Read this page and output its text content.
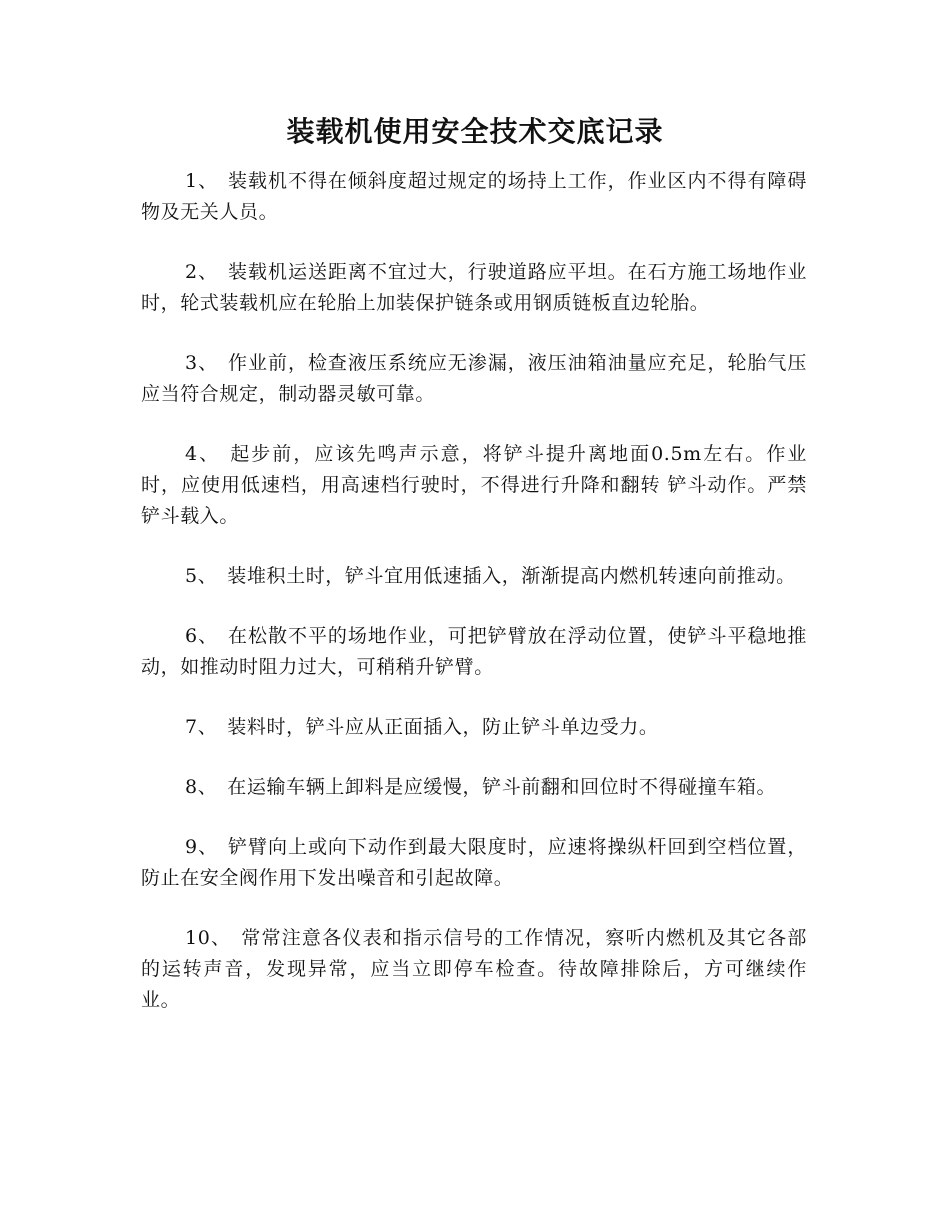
装载机使用安全技术交底记录

1、 装载机不得在倾斜度超过规定的场持上工作，作业区内不得有障碍物及无关人员。

2、 装载机运送距离不宜过大，行驶道路应平坦。在石方施工场地作业时，轮式装载机应在轮胎上加装保护链条或用钢质链板直边轮胎。

3、 作业前，检查液压系统应无渗漏，液压油箱油量应充足，轮胎气压应当符合规定，制动器灵敏可靠。

4、 起步前，应该先鸣声示意，将铲斗提升离地面0.5m左右。作业时，应使用低速档，用高速档行驶时，不得进行升降和翻转 铲斗动作。严禁铲斗载入。

5、 装堆积土时，铲斗宜用低速插入，渐渐提高内燃机转速向前推动。

6、 在松散不平的场地作业，可把铲臂放在浮动位置，使铲斗平稳地推动，如推动时阻力过大，可稍稍升铲臂。

7、 装料时，铲斗应从正面插入，防止铲斗单边受力。

8、 在运输车辆上卸料是应缓慢，铲斗前翻和回位时不得碰撞车箱。

9、 铲臂向上或向下动作到最大限度时，应速将操纵杆回到空档位置，防止在安全阀作用下发出噪音和引起故障。

10、 常常注意各仪表和指示信号的工作情况，察听内燃机及其它各部的运转声音，发现异常，应当立即停车检查。待故障排除后，方可继续作业。
